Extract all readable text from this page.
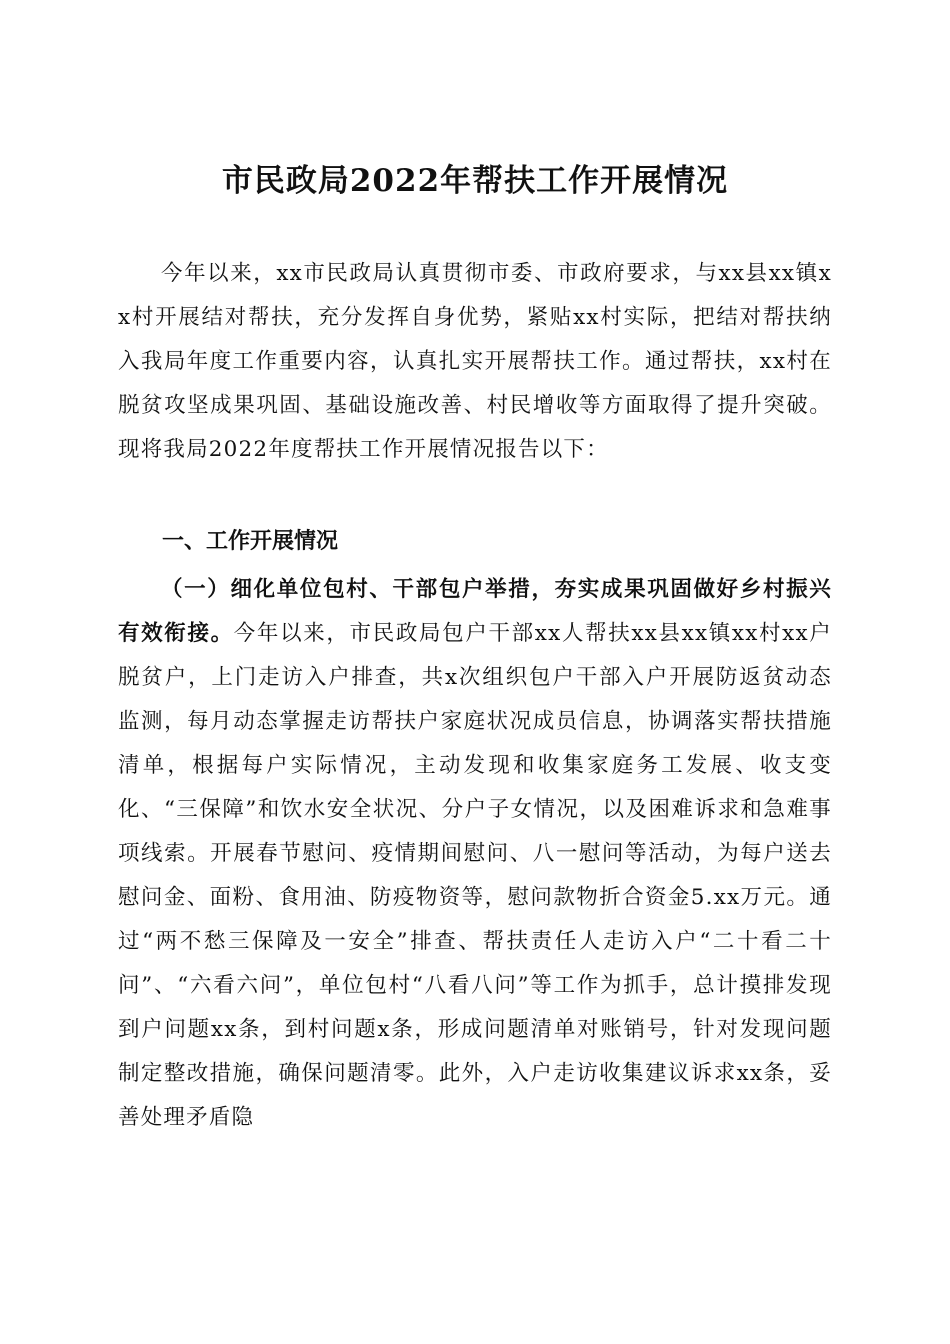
市民政局2022年帮扶工作开展情况

今年以来，xx市民政局认真贯彻市委、市政府要求，与xx县xx镇xx村开展结对帮扶，充分发挥自身优势，紧贴xx村实际，把结对帮扶纳入我局年度工作重要内容，认真扎实开展帮扶工作。通过帮扶，xx村在脱贫攻坚成果巩固、基础设施改善、村民增收等方面取得了提升突破。现将我局2022年度帮扶工作开展情况报告以下：

一、工作开展情况

（一）细化单位包村、干部包户举措，夯实成果巩固做好乡村振兴有效衔接。今年以来，市民政局包户干部xx人帮扶xx县xx镇xx村xx户脱贫户，上门走访入户排查，共x次组织包户干部入户开展防返贫动态监测，每月动态掌握走访帮扶户家庭状况成员信息，协调落实帮扶措施清单，根据每户实际情况，主动发现和收集家庭务工发展、收支变化、“三保障”和饮水安全状况、分户子女情况，以及困难诉求和急难事项线索。开展春节慰问、疫情期间慰问、八一慰问等活动，为每户送去慰问金、面粉、食用油、防疫物资等，慰问款物折合资金5.xx万元。通过“两不愁三保障及一安全”排查、帮扶责任人走访入户“二十看二十问”、“六看六问”，单位包村“八看八问”等工作为抓手，总计摸排发现到户问题xx条，到村问题x条，形成问题清单对账销号，针对发现问题制定整改措施，确保问题清零。此外，入户走访收集建议诉求xx条，妥善处理矛盾隐
